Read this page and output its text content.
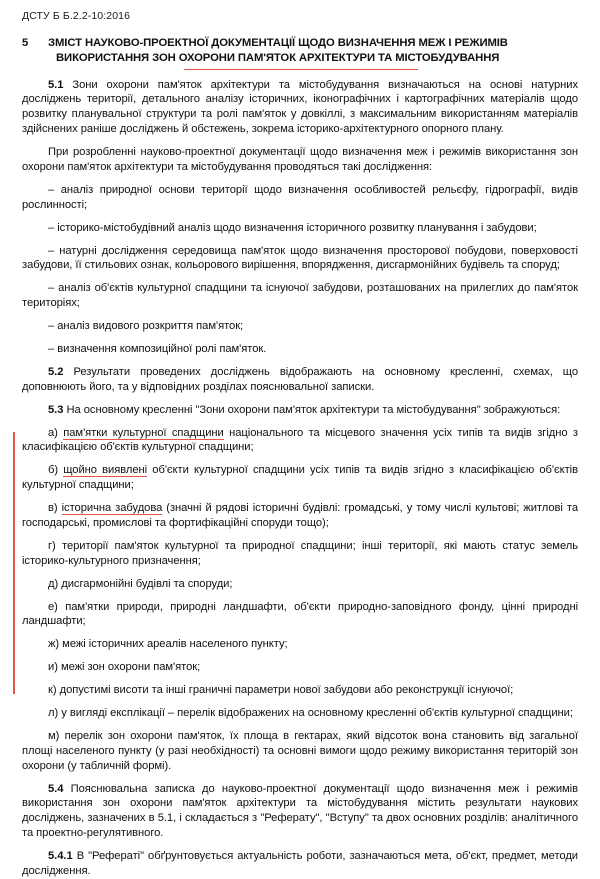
ДСТУ Б Б.2.2-10:2016
5 ЗМІСТ НАУКОВО-ПРОЕКТНОЇ ДОКУМЕНТАЦІЇ ЩОДО ВИЗНАЧЕННЯ МЕЖ І РЕЖИМІВ ВИКОРИСТАННЯ ЗОН ОХОРОНИ ПАМ'ЯТОК АРХІТЕКТУРИ ТА МІСТОБУДУВАННЯ

5.1 Зони охорони пам'яток архітектури та містобудування визначаються на основі натурних досліджень території, детального аналізу історичних, іконографічних і картографічних матеріалів щодо розвитку планувальної структури та ролі пам'яток у довкіллі, з максимальним використанням матеріалів здійснених раніше досліджень й обстежень, зокрема історико-архітектурного опорного плану.

При розробленні науково-проектної документації щодо визначення меж і режимів використання зон охорони пам'яток архітектури та містобудування проводяться такі дослідження:

– аналіз природної основи території щодо визначення особливостей рельєфу, гідрографії, видів рослинності;

– історико-містобудівний аналіз щодо визначення історичного розвитку планування і забудови;

– натурні дослідження середовища пам'яток щодо визначення просторової побудови, поверховості забудови, її стильових ознак, кольорового вирішення, впорядження, дисгармонійних будівель та споруд;

– аналіз об'єктів культурної спадщини та існуючої забудови, розташованих на прилеглих до пам'яток територіях;

– аналіз видового розкриття пам'яток;

– визначення композиційної ролі пам'яток.

5.2 Результати проведених досліджень відображають на основному кресленні, схемах, що доповнюють його, та у відповідних розділах пояснювальної записки.

5.3 На основному кресленні "Зони охорони пам'яток архітектури та містобудування" зображуються:

а) пам'ятки культурної спадщини національного та місцевого значення усіх типів та видів згідно з класифікацією об'єктів культурної спадщини;

б) щойно виявлені об'єкти культурної спадщини усіх типів та видів згідно з класифікацією об'єктів культурної спадщини;

в) історична забудова (значні й рядові історичні будівлі: громадські, у тому числі культові; житлові та господарські, промислові та фортифікаційні споруди тощо);

г) території пам'яток культурної та природної спадщини; інші території, які мають статус земель історико-культурного призначення;

д) дисгармонійні будівлі та споруди;

е) пам'ятки природи, природні ландшафти, об'єкти природно-заповідного фонду, цінні природні ландшафти;

ж) межі історичних ареалів населеного пункту;

и) межі зон охорони пам'яток;

к) допустимі висоти та інші граничні параметри нової забудови або реконструкції існуючої;

л) у вигляді експлікації – перелік відображених на основному кресленні об'єктів культурної спадщини;

м) перелік зон охорони пам'яток, їх площа в гектарах, який відсоток вона становить від загальної площі населеного пункту (у разі необхідності) та основні вимоги щодо режиму використання територій зон охорони (у табличній формі).

5.4 Пояснювальна записка до науково-проектної документації щодо визначення меж і режимів використання зон охорони пам'яток архітектури та містобудування містить результати наукових досліджень, зазначених в 5.1, і складається з "Реферату", "Вступу" та двох основних розділів: аналітичного та проектно-регулятивного.

5.4.1 В "Рефераті" обґрунтовується актуальність роботи, зазначаються мета, об'єкт, предмет, методи дослідження.
